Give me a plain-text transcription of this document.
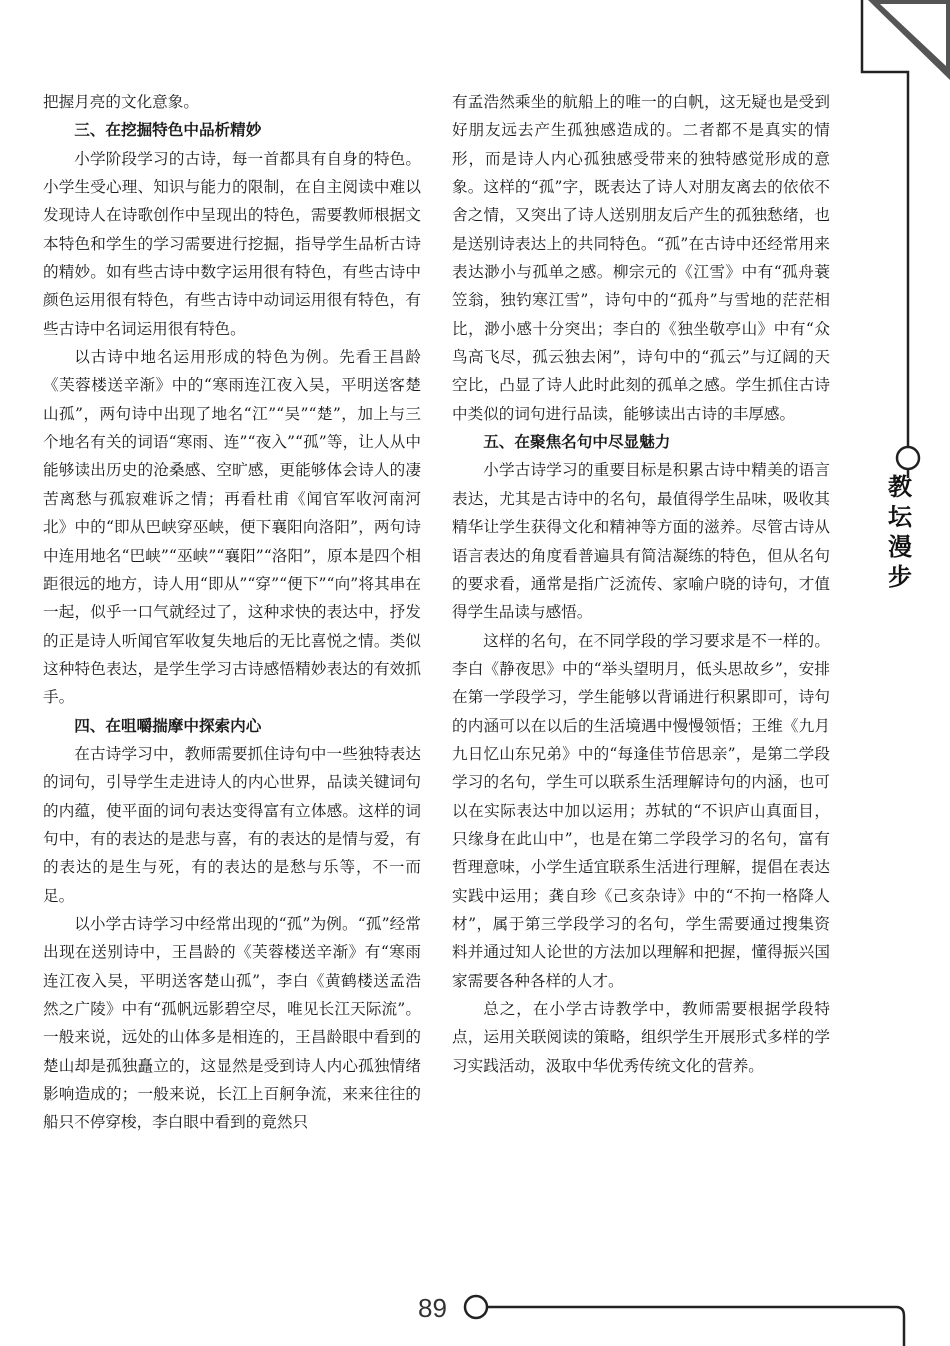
把握月亮的文化意象。

三、在挖掘特色中品析精妙

小学阶段学习的古诗，每一首都具有自身的特色。小学生受心理、知识与能力的限制，在自主阅读中难以发现诗人在诗歌创作中呈现出的特色，需要教师根据文本特色和学生的学习需要进行挖掘，指导学生品析古诗的精妙。如有些古诗中数字运用很有特色，有些古诗中颜色运用很有特色，有些古诗中动词运用很有特色，有些古诗中名词运用很有特色。

以古诗中地名运用形成的特色为例。先看王昌龄《芙蓉楼送辛渐》中的“寒雨连江夜入吴，平明送客楚山孤”，两句诗中出现了地名“江”“吴”“楚”，加上与三个地名有关的词语“寒雨、连”“夜入”“孤”等，让人从中能够读出历史的沧桑感、空旷感，更能够体会诗人的凄苦离愁与孤寂难诉之情；再看杜甫《闻官军收河南河北》中的“即从巴峡穿巫峡，便下襄阳向洛阳”，两句诗中连用地名“巴峡”“巫峡”“襄阳”“洛阳”，原本是四个相距很远的地方，诗人用“即从”“穿”“便下”“向”将其串在一起，似乎一口气就经过了，这种求快的表达中，抒发的正是诗人听闻官军收复失地后的无比喜悦之情。类似这种特色表达，是学生学习古诗感悟精妙表达的有效抓手。

四、在咀嚼揣摩中探索内心

在古诗学习中，教师需要抓住诗句中一些独特表达的词句，引导学生走进诗人的内心世界，品读关键词句的内蕴，使平面的词句表达变得富有立体感。这样的词句中，有的表达的是悲与喜，有的表达的是情与爱，有的表达的是生与死，有的表达的是愁与乐等，不一而足。

以小学古诗学习中经常出现的“孤”为例。“孤”经常出现在送别诗中，王昌龄的《芙蓉楼送辛渐》有“寒雨连江夜入吴，平明送客楚山孤”，李白《黄鹤楼送孟浩然之广陵》中有“孤帆远影碧空尽，唯见长江天际流”。一般来说，远处的山体多是相连的，王昌龄眼中看到的楚山却是孤独矗立的，这显然是受到诗人内心孤独情绪影响造成的；一般来说，长江上百舸争流，来来往往的船只不停穿梭，李白眼中看到的竟然只

有孟浩然乘坐的航船上的唯一的白帆，这无疑也是受到好朋友远去产生孤独感造成的。二者都不是真实的情形，而是诗人内心孤独感受带来的独特感觉形成的意象。这样的“孤”字，既表达了诗人对朋友离去的依依不舍之情，又突出了诗人送别朋友后产生的孤独愁绪，也是送别诗表达上的共同特色。“孤”在古诗中还经常用来表达渺小与孤单之感。柳宗元的《江雪》中有“孤舟蓑笠翁，独钓寒江雪”，诗句中的“孤舟”与雪地的茫茫相比，渺小感十分突出；李白的《独坐敬亭山》中有“众鸟高飞尽，孤云独去闲”，诗句中的“孤云”与辽阔的天空比，凸显了诗人此时此刻的孤单之感。学生抓住古诗中类似的词句进行品读，能够读出古诗的丰厚感。

五、在聚焦名句中尽显魅力

小学古诗学习的重要目标是积累古诗中精美的语言表达，尤其是古诗中的名句，最值得学生品味，吸收其精华让学生获得文化和精神等方面的滋养。尽管古诗从语言表达的角度看普遍具有简洁凝练的特色，但从名句的要求看，通常是指广泛流传、家喻户晓的诗句，才值得学生品读与感悟。

这样的名句，在不同学段的学习要求是不一样的。李白《静夜思》中的“举头望明月，低头思故乡”，安排在第一学段学习，学生能够以背诵进行积累即可，诗句的内涵可以在以后的生活境遇中慢慢领悟；王维《九月九日忆山东兄弟》中的“每逢佳节倍思亲”，是第二学段学习的名句，学生可以联系生活理解诗句的内涵，也可以在实际表达中加以运用；苏轼的“不识庐山真面目，只缘身在此山中”，也是在第二学段学习的名句，富有哲理意味，小学生适宜联系生活进行理解，提倡在表达实践中运用；龚自珍《己亥杂诗》中的“不拘一格降人材”，属于第三学段学习的名句，学生需要通过搜集资料并通过知人论世的方法加以理解和把握，懂得振兴国家需要各种各样的人才。

总之，在小学古诗教学中，教师需要根据学段特点，运用关联阅读的策略，组织学生开展形式多样的学习实践活动，汲取中华优秀传统文化的营养。

教
坛
漫
步
89
